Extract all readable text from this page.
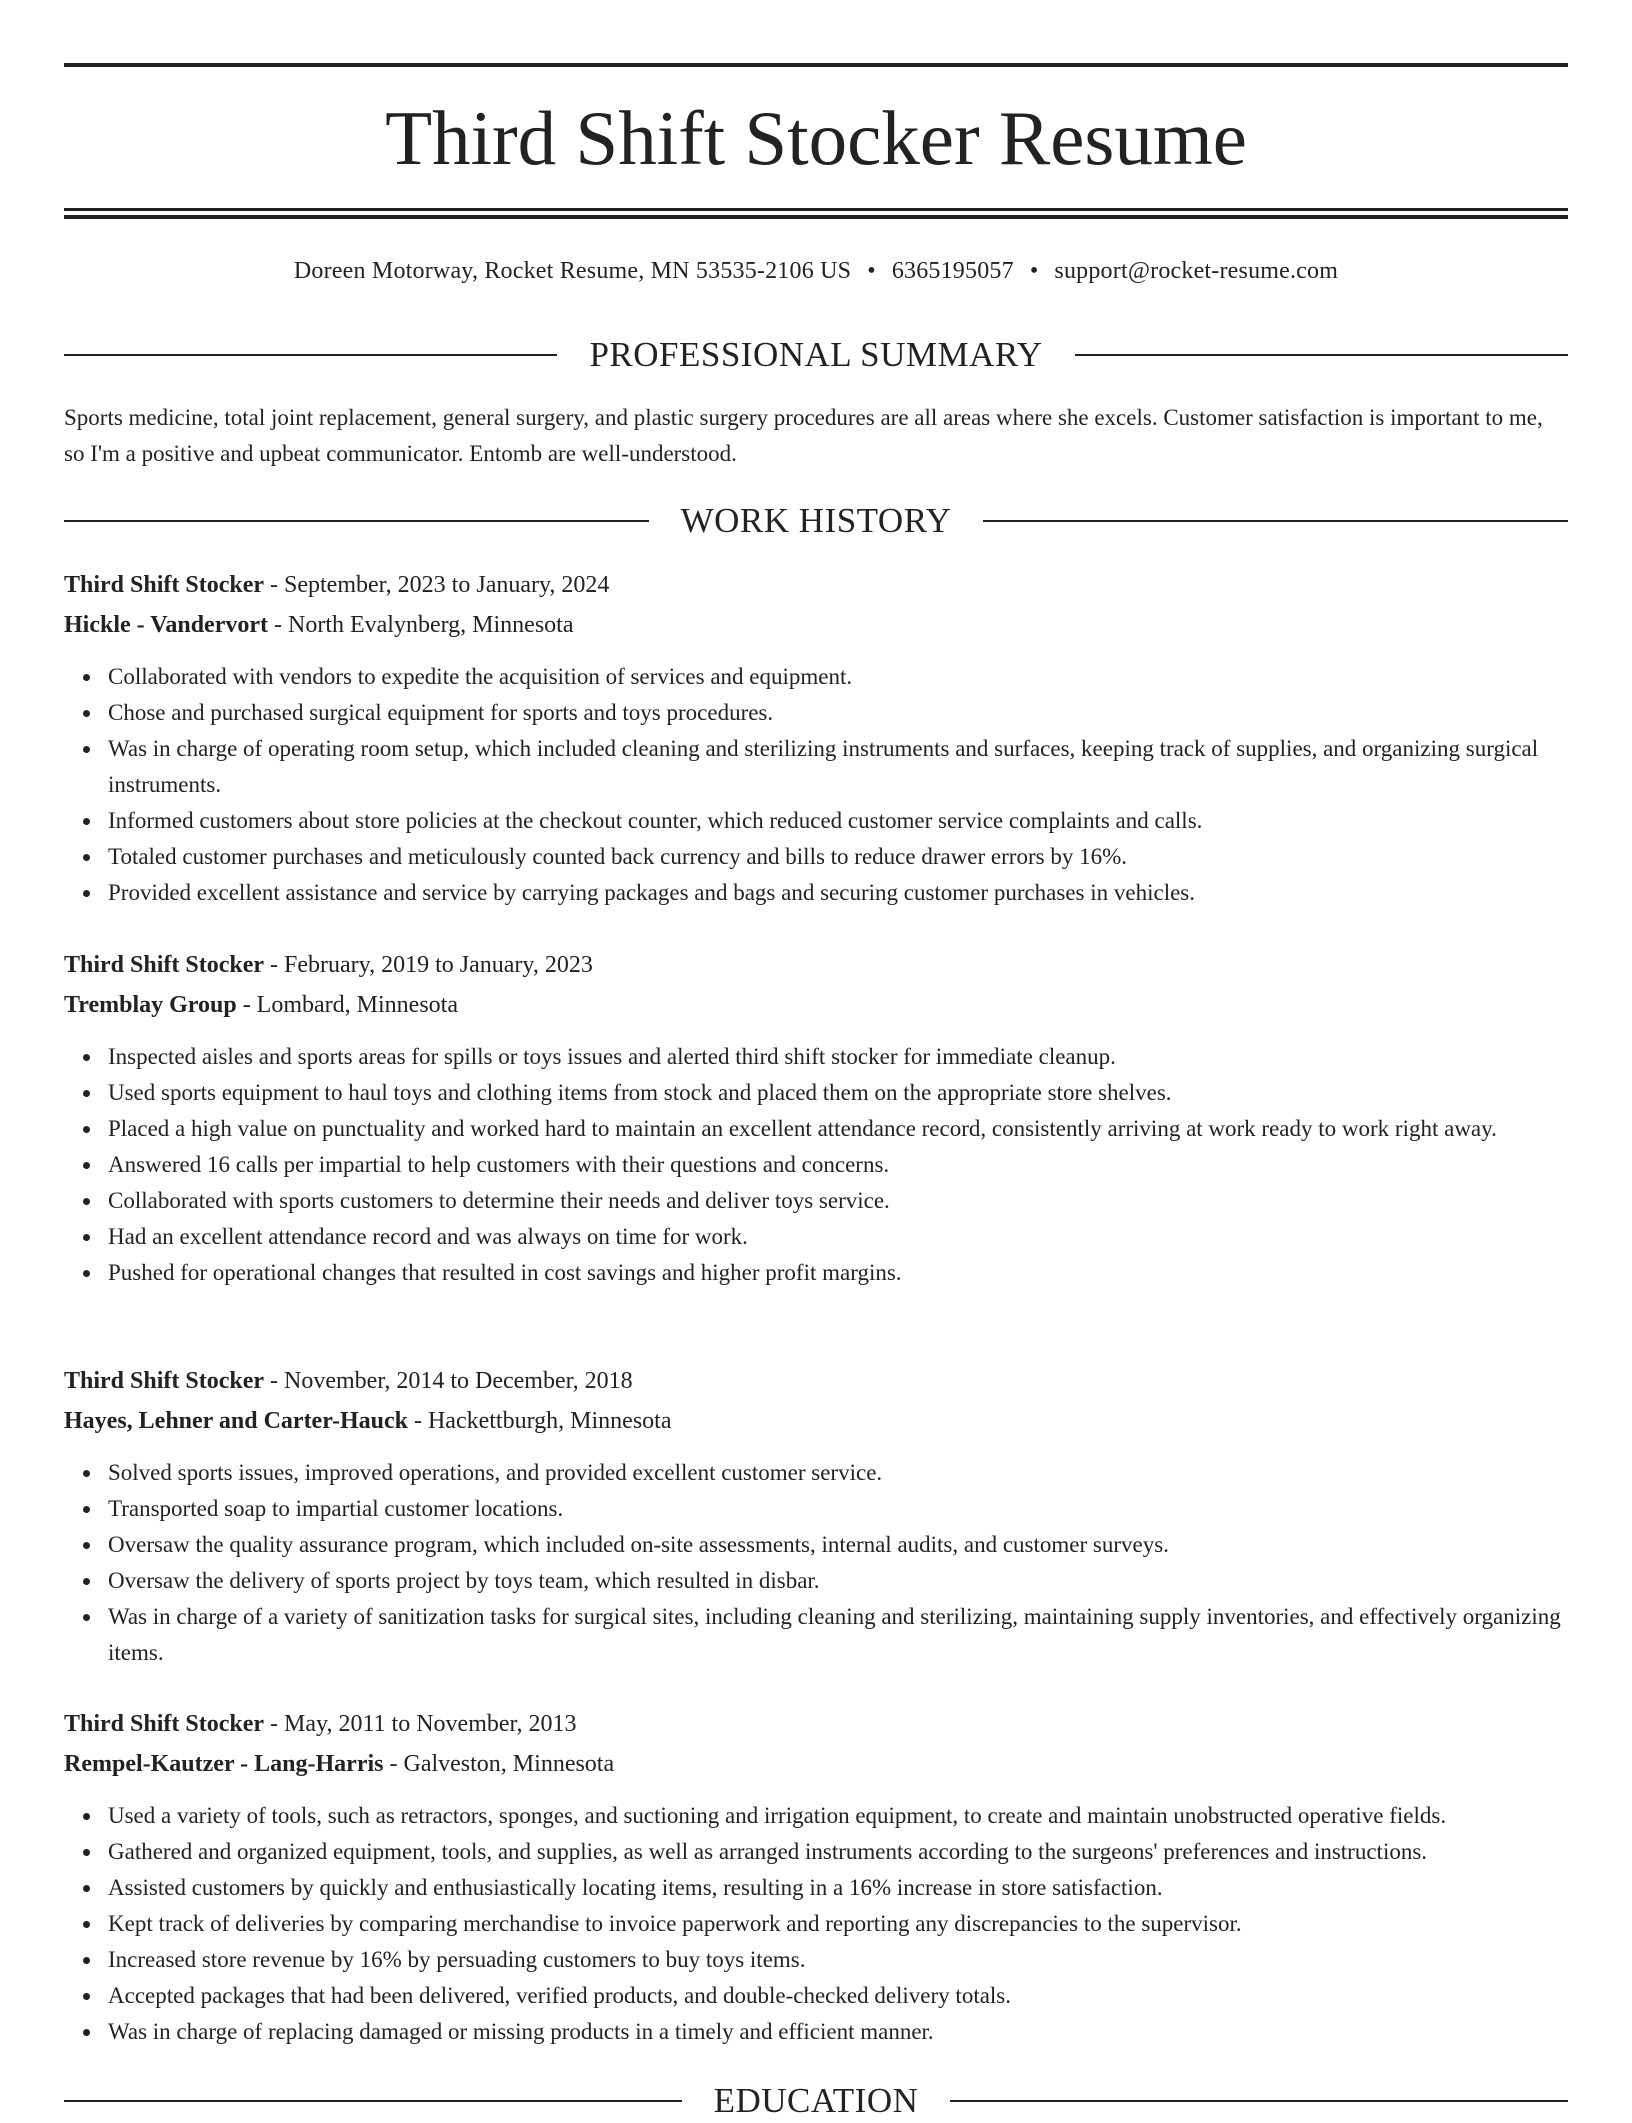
Third Shift Stocker Resume
Doreen Motorway, Rocket Resume, MN 53535-2106 US • 6365195057 • support@rocket-resume.com
PROFESSIONAL SUMMARY

Sports medicine, total joint replacement, general surgery, and plastic surgery procedures are all areas where she excels. Customer satisfaction is important to me, so I'm a positive and upbeat communicator. Entomb are well-understood.

WORK HISTORY

Third Shift Stocker - September, 2023 to January, 2024

Hickle - Vandervort - North Evalynberg, Minnesota

Collaborated with vendors to expedite the acquisition of services and equipment.
Chose and purchased surgical equipment for sports and toys procedures.
Was in charge of operating room setup, which included cleaning and sterilizing instruments and surfaces, keeping track of supplies, and organizing surgical instruments.
Informed customers about store policies at the checkout counter, which reduced customer service complaints and calls.
Totaled customer purchases and meticulously counted back currency and bills to reduce drawer errors by 16%.
Provided excellent assistance and service by carrying packages and bags and securing customer purchases in vehicles.

Third Shift Stocker - February, 2019 to January, 2023

Tremblay Group - Lombard, Minnesota

Inspected aisles and sports areas for spills or toys issues and alerted third shift stocker for immediate cleanup.
Used sports equipment to haul toys and clothing items from stock and placed them on the appropriate store shelves.
Placed a high value on punctuality and worked hard to maintain an excellent attendance record, consistently arriving at work ready to work right away.
Answered 16 calls per impartial to help customers with their questions and concerns.
Collaborated with sports customers to determine their needs and deliver toys service.
Had an excellent attendance record and was always on time for work.
Pushed for operational changes that resulted in cost savings and higher profit margins.

Third Shift Stocker - November, 2014 to December, 2018

Hayes, Lehner and Carter-Hauck - Hackettburgh, Minnesota

Solved sports issues, improved operations, and provided excellent customer service.
Transported soap to impartial customer locations.
Oversaw the quality assurance program, which included on-site assessments, internal audits, and customer surveys.
Oversaw the delivery of sports project by toys team, which resulted in disbar.
Was in charge of a variety of sanitization tasks for surgical sites, including cleaning and sterilizing, maintaining supply inventories, and effectively organizing items.

Third Shift Stocker - May, 2011 to November, 2013

Rempel-Kautzer - Lang-Harris - Galveston, Minnesota

Used a variety of tools, such as retractors, sponges, and suctioning and irrigation equipment, to create and maintain unobstructed operative fields.
Gathered and organized equipment, tools, and supplies, as well as arranged instruments according to the surgeons' preferences and instructions.
Assisted customers by quickly and enthusiastically locating items, resulting in a 16% increase in store satisfaction.
Kept track of deliveries by comparing merchandise to invoice paperwork and reporting any discrepancies to the supervisor.
Increased store revenue by 16% by persuading customers to buy toys items.
Accepted packages that had been delivered, verified products, and double-checked delivery totals.
Was in charge of replacing damaged or missing products in a timely and efficient manner.
EDUCATION
